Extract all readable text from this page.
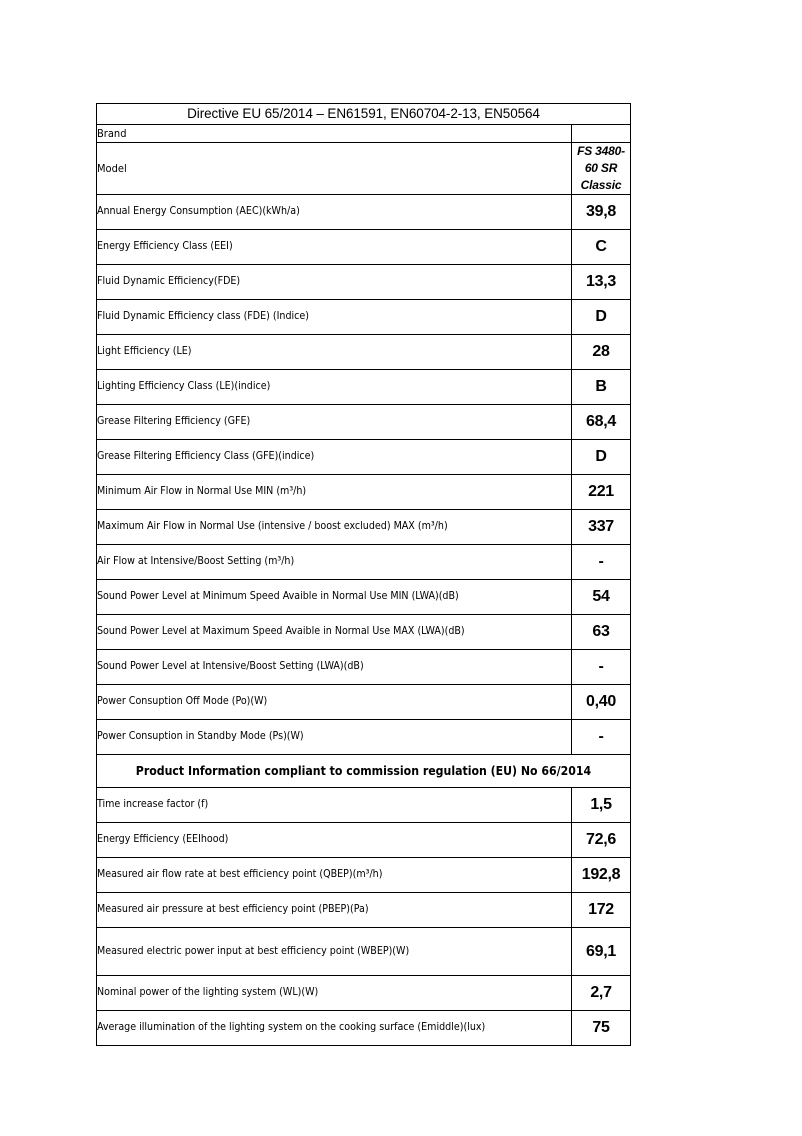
Directive EU 65/2014 – EN61591, EN60704-2-13, EN50564	
Brand	
Model	FS 3480-60 SR Classic
Annual Energy Consumption (AEC)(kWh/a)	39,8
Energy Efficiency Class (EEI)	C
Fluid Dynamic Efficiency(FDE)	13,3
Fluid Dynamic Efficiency class (FDE) (Indice)	D
Light Efficiency (LE)	28
Lighting Efficiency Class (LE)(indice)	B
Grease Filtering Efficiency (GFE)	68,4
Grease Filtering Efficiency Class (GFE)(indice)	D
Minimum Air Flow in Normal Use MIN (m³/h)	221
Maximum Air Flow in Normal Use (intensive / boost excluded) MAX (m³/h)	337
Air Flow at Intensive/Boost Setting (m³/h)	-
Sound Power Level at Minimum Speed Avaible in Normal Use MIN (LWA)(dB)	54
Sound Power Level at Maximum Speed Avaible in Normal Use MAX (LWA)(dB)	63
Sound Power Level at Intensive/Boost Setting (LWA)(dB)	-
Power Consuption Off Mode (Po)(W)	0,40
Power Consuption in Standby Mode (Ps)(W)	-
Product Information compliant to commission regulation (EU) No 66/2014	
Time increase factor (f)	1,5
Energy Efficiency (EEIhood)	72,6
Measured air flow rate at best efficiency point (QBEP)(m³/h)	192,8
Measured air pressure at best efficiency point (PBEP)(Pa)	172
Measured electric power input at best efficiency point (WBEP)(W)	69,1
Nominal power of the lighting system (WL)(W)	2,7
Average illumination of the lighting system on the cooking surface (Emiddle)(lux)	75
